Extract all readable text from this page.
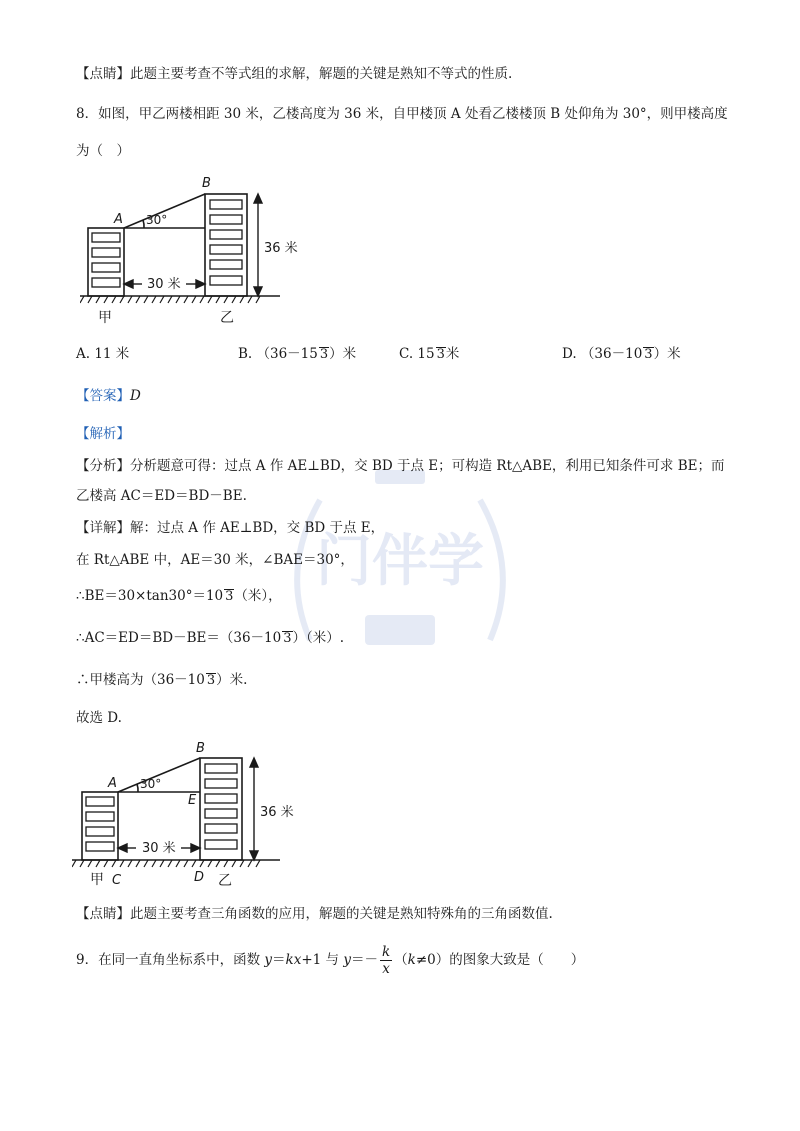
门伴学
【点睛】此题主要考查不等式组的求解，解题的关键是熟知不等式的性质.
8．如图，甲乙两楼相距 30 米，乙楼高度为 36 米，自甲楼顶 A 处看乙楼楼顶 B 处仰角为 30°，则甲楼高度
为（　）
B
A 30°
36 米
30 米
甲	乙
A. 11 米	B. （36－15 3）米	C. 15 3米	D. （36－10 3）米
【答案】D
【解析】
【分析】分析题意可得：过点 A 作 AE⊥BD，交 BD 于点 E；可构造 Rt△ABE，利用已知条件可求 BE；而
乙楼高 AC＝ED＝BD－BE.
【详解】解：过点 A 作 AE⊥BD，交 BD 于点 E，
在 Rt△ABE 中，AE＝30 米，∠BAE＝30°，
∴BE＝30×tan30°＝10 3（米），
∴AC＝ED＝BD－BE＝（36－10 3）（米）.
∴甲楼高为（36－10 3）米.
故选 D.
B
A
E
30°
36 米
30 米
甲 C	D 乙
【点睛】此题主要考查三角函数的应用，解题的关键是熟知特殊角的三角函数值.
9．在同一直角坐标系中，函数 y＝kx+1 与 $y=- \frac{k}{x} (k\ne 0)$的图象大致是（　　）
